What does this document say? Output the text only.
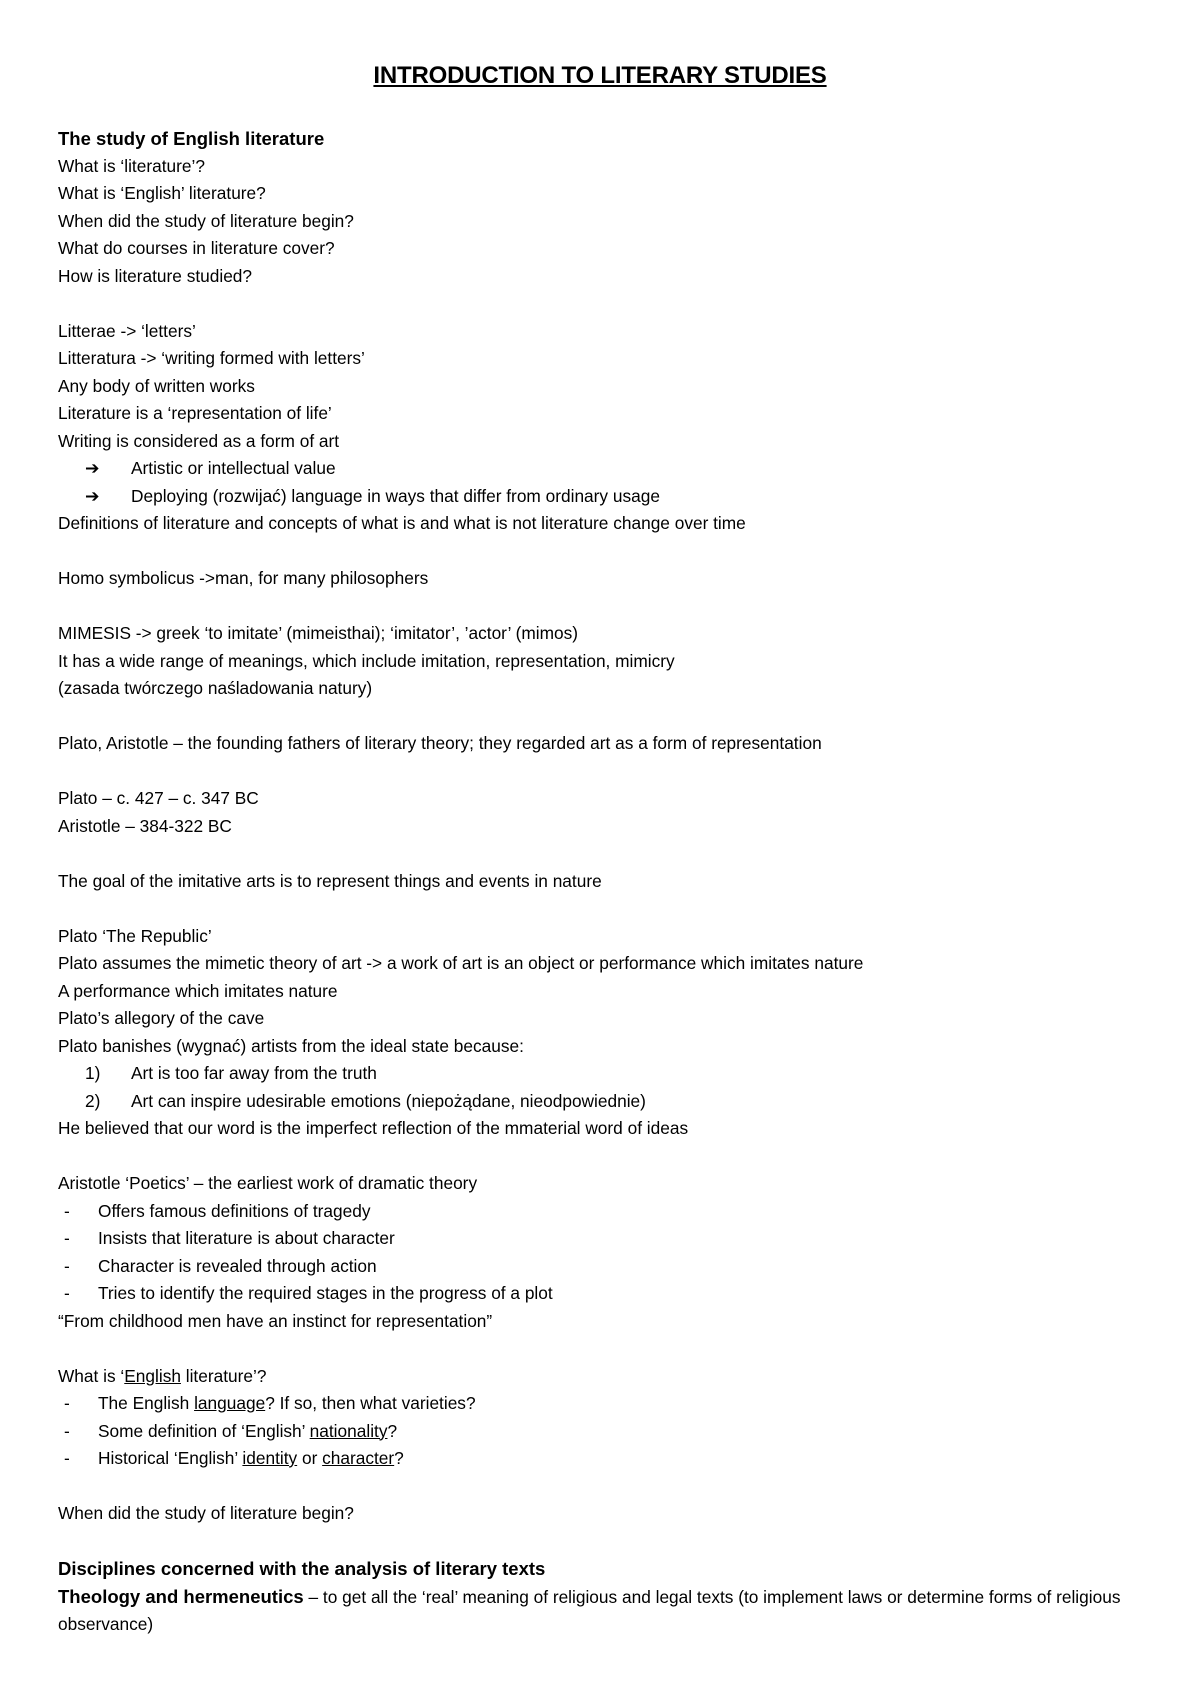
INTRODUCTION TO LITERARY STUDIES
The study of English literature
What is ‘literature’?
What is ‘English’ literature?
When did the study of literature begin?
What do courses in literature cover?
How is literature studied?
Litterae -> ‘letters’
Litteratura -> ‘writing formed with letters’
Any body of written works
Literature is a ‘representation of life’
Writing is considered as a form of art
➔ Artistic or intellectual value
➔ Deploying (rozwijać) language in ways that differ from ordinary usage
Definitions of literature and concepts of what is and what is not literature change over time
Homo symbolicus ->man, for many philosophers
MIMESIS -> greek ‘to imitate’ (mimeisthai); ‘imitator’, ’actor’ (mimos)
It has a wide range of meanings, which include imitation, representation, mimicry
(zasada twórczego naśladowania natury)
Plato, Aristotle – the founding fathers of literary theory; they regarded art as a form of representation
Plato – c. 427 – c. 347 BC
Aristotle – 384-322 BC
The goal of the imitative arts is to represent things and events in nature
Plato ‘The Republic’
Plato assumes the mimetic theory of art -> a work of art is an object or performance which imitates nature
A performance which imitates nature
Plato’s allegory of the cave
Plato banishes (wygnać) artists from the ideal state because:
1) Art is too far away from the truth
2) Art can inspire udesirable emotions (niepożądane, nieodpowiednie)
He believed that our word is the imperfect reflection of the mmaterial word of ideas
Aristotle ‘Poetics’ – the earliest work of dramatic theory
- Offers famous definitions of tragedy
- Insists that literature is about character
- Character is revealed through action
- Tries to identify the required stages in the progress of a plot
“From childhood men have an instinct for representation”
What is ‘English literature’?
- The English language? If so, then what varieties?
- Some definition of ‘English’ nationality?
- Historical ‘English’ identity or character?
When did the study of literature begin?
Disciplines concerned with the analysis of literary texts
Theology and hermeneutics – to get all the ‘real’ meaning of religious and legal texts (to implement laws or determine forms of religious observance)
